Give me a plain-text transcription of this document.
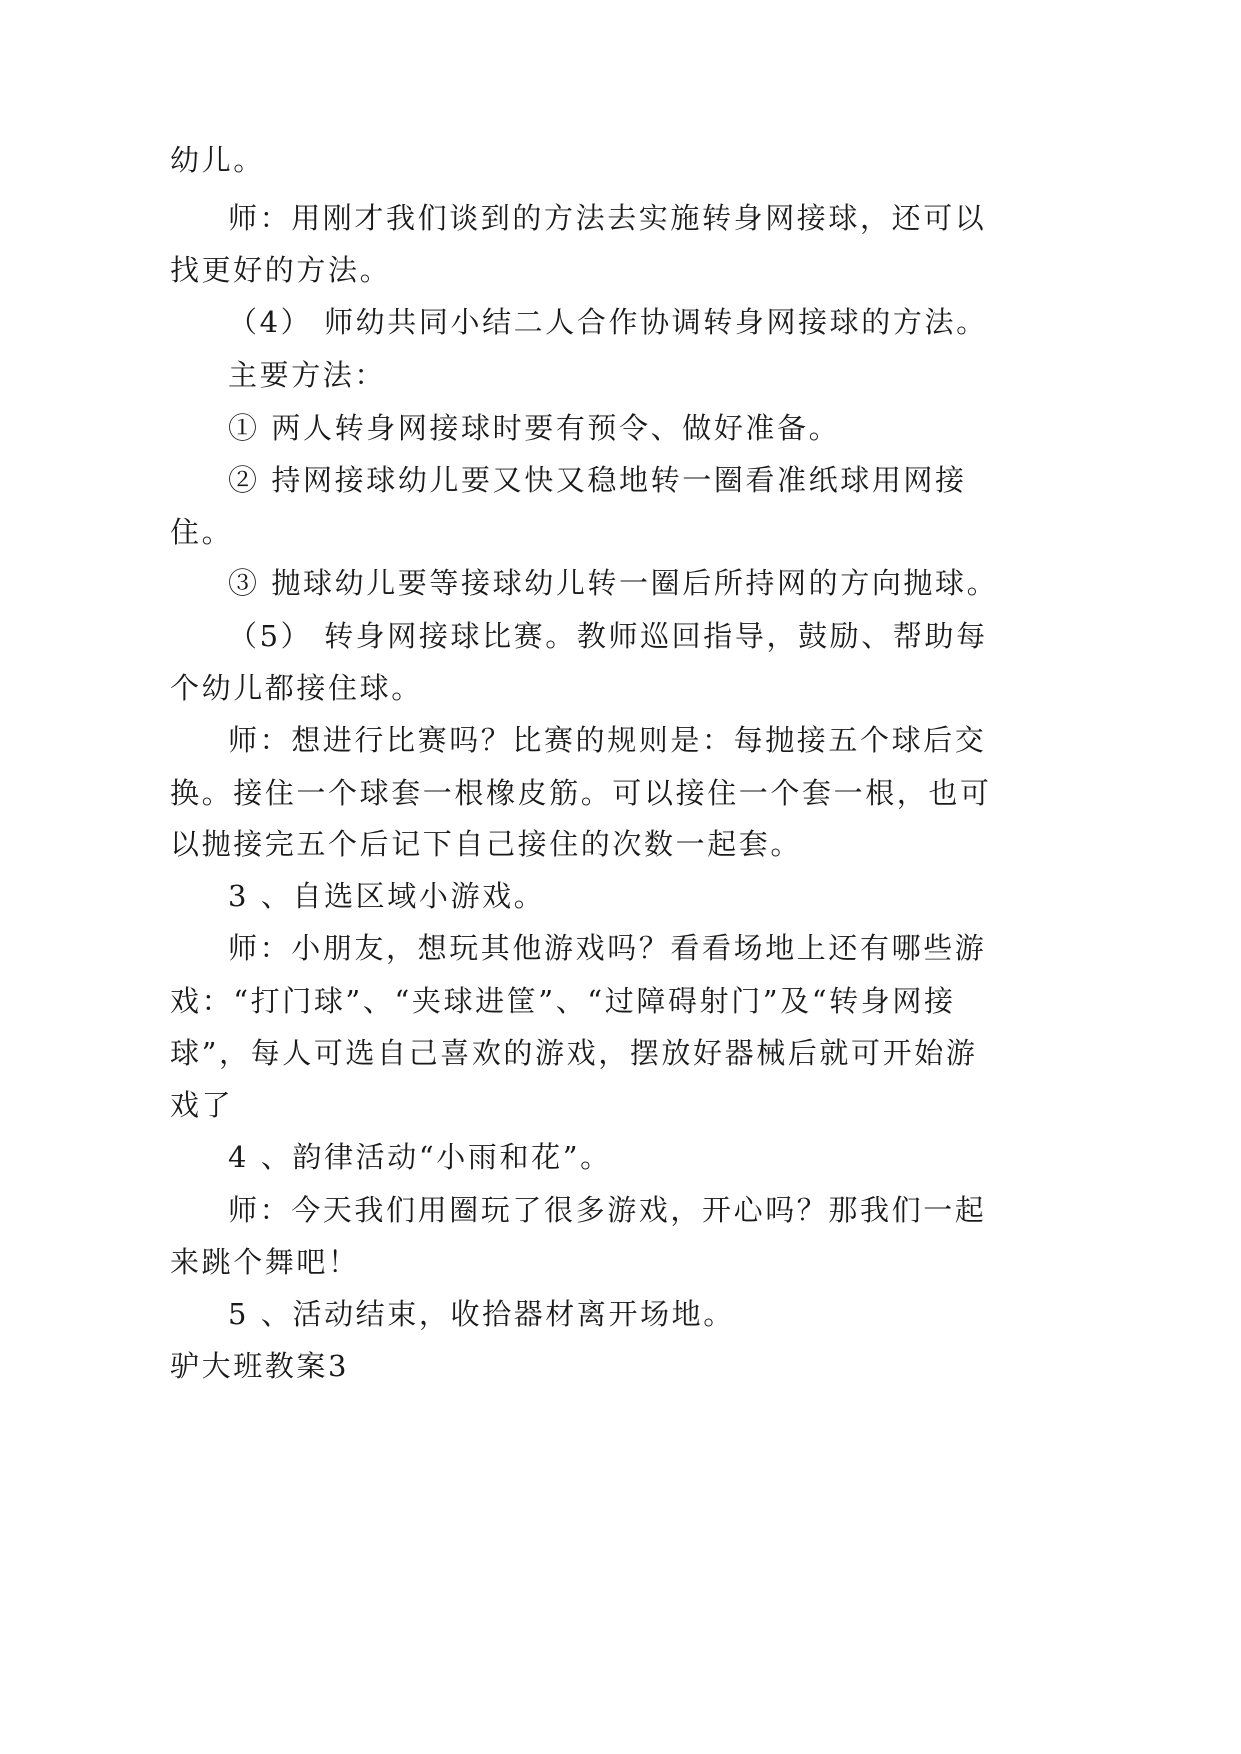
幼儿。
师：用刚才我们谈到的方法去实施转身网接球，还可以
找更好的方法。
（4） 师幼共同小结二人合作协调转身网接球的方法。
主要方法：
① 两人转身网接球时要有预令、做好准备。
② 持网接球幼儿要又快又稳地转一圈看准纸球用网接
住。
③ 抛球幼儿要等接球幼儿转一圈后所持网的方向抛球。
（5） 转身网接球比赛。教师巡回指导，鼓励、帮助每
个幼儿都接住球。
师：想进行比赛吗？比赛的规则是：每抛接五个球后交
换。接住一个球套一根橡皮筋。可以接住一个套一根，也可
以抛接完五个后记下自己接住的次数一起套。
3 、自选区域小游戏。
师：小朋友，想玩其他游戏吗？看看场地上还有哪些游
戏：“打门球”、“夹球进筐”、“过障碍射门”及“转身网接
球”，每人可选自己喜欢的游戏，摆放好器械后就可开始游
戏了
4 、韵律活动“小雨和花”。
师：今天我们用圈玩了很多游戏，开心吗？那我们一起
来跳个舞吧！
5 、活动结束，收拾器材离开场地。
驴大班教案3
